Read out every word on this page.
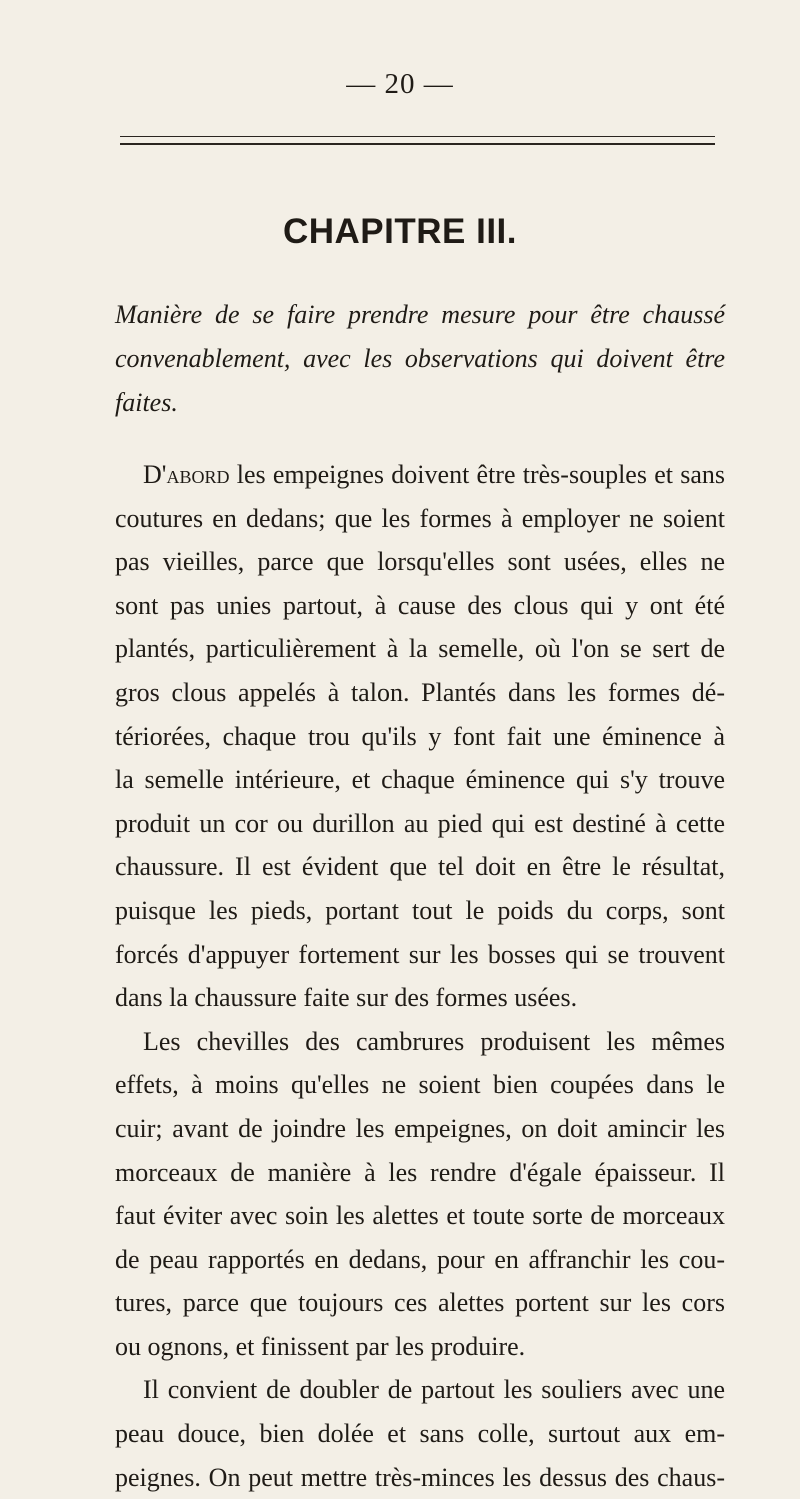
— 20 —
CHAPITRE III.
Manière de se faire prendre mesure pour être chaussé
convenablement, avec les observations qui doivent être
faites.
D'abord les empeignes doivent être très-souples et sans
coutures en dedans; que les formes à employer ne soient
pas vieilles, parce que lorsqu'elles sont usées, elles ne
sont pas unies partout, à cause des clous qui y ont été
plantés, particulièrement à la semelle, où l'on se sert de
gros clous appelés à talon. Plantés dans les formes dé-
tériorées, chaque trou qu'ils y font fait une éminence à
la semelle intérieure, et chaque éminence qui s'y trouve
produit un cor ou durillon au pied qui est destiné à cette
chaussure. Il est évident que tel doit en être le résultat,
puisque les pieds, portant tout le poids du corps, sont
forcés d'appuyer fortement sur les bosses qui se trouvent
dans la chaussure faite sur des formes usées.
Les chevilles des cambrures produisent les mêmes
effets, à moins qu'elles ne soient bien coupées dans le
cuir; avant de joindre les empeignes, on doit amincir les
morceaux de manière à les rendre d'égale épaisseur. Il
faut éviter avec soin les alettes et toute sorte de morceaux
de peau rapportés en dedans, pour en affranchir les cou-
tures, parce que toujours ces alettes portent sur les cors
ou ognons, et finissent par les produire.
Il convient de doubler de partout les souliers avec une
peau douce, bien dolée et sans colle, surtout aux em-
peignes. On peut mettre très-minces les dessus des chaus-
